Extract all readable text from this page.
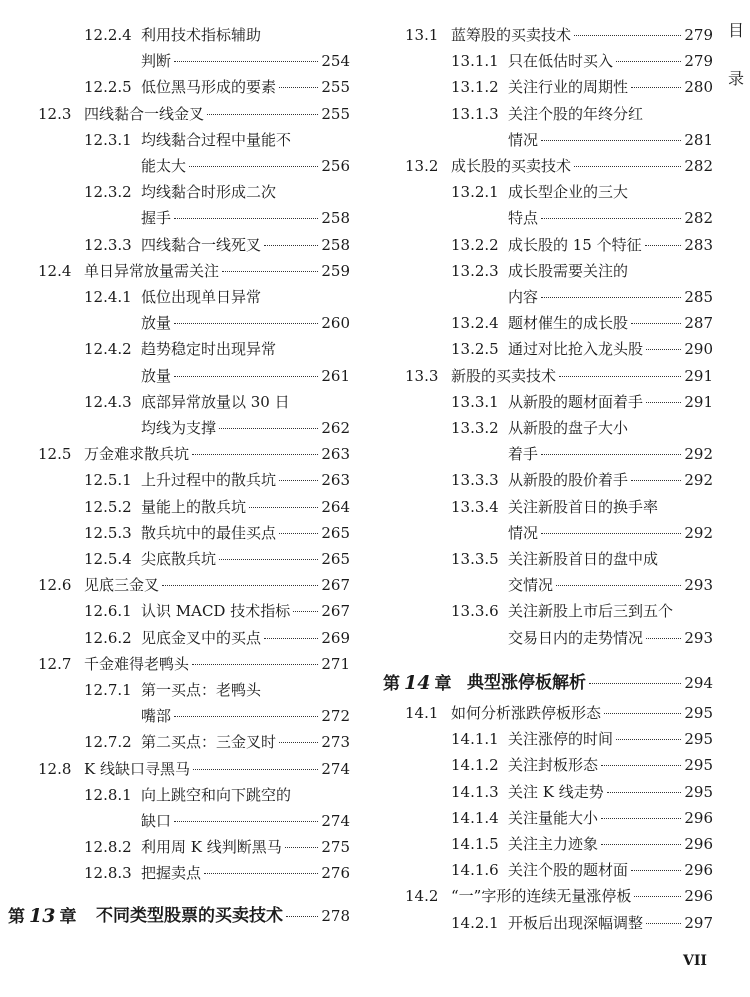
目
录
12.2.4 利用技术指标辅助
判断	254
12.2.5 低位黑马形成的要素	255
12.3 四线黏合一线金叉	255
12.3.1 均线黏合过程中量能不
能太大	256
12.3.2 均线黏合时形成二次
握手	258
12.3.3 四线黏合一线死叉	258
12.4 单日异常放量需关注	259
12.4.1 低位出现单日异常
放量	260
12.4.2 趋势稳定时出现异常
放量	261
12.4.3 底部异常放量以 30 日
均线为支撑	262
12.5 万金难求散兵坑	263
12.5.1 上升过程中的散兵坑	263
12.5.2 量能上的散兵坑	264
12.5.3 散兵坑中的最佳买点	265
12.5.4 尖底散兵坑	265
12.6 见底三金叉	267
12.6.1 认识 MACD 技术指标 267
12.6.2 见底金叉中的买点	269
12.7 千金难得老鸭头	271
12.7.1 第一买点：老鸭头
嘴部	272
12.7.2 第二买点：三金叉时	273
12.8 K 线缺口寻黑马	274
12.8.1 向上跳空和向下跳空的
缺口	274
12.8.2 利用周 K 线判断黑马	275
12.8.3 把握卖点	276
第 13 章 不同类型股票的买卖技术	278
13.1 蓝筹股的买卖技术	279
13.1.1 只在低估时买入	279
13.1.2 关注行业的周期性	280
13.1.3 关注个股的年终分红
情况	281
13.2 成长股的买卖技术	282
13.2.1 成长型企业的三大
特点	282
13.2.2 成长股的 15 个特征	283
13.2.3 成长股需要关注的
内容	285
13.2.4 题材催生的成长股	287
13.2.5 通过对比抢入龙头股	290
13.3 新股的买卖技术	291
13.3.1 从新股的题材面着手	291
13.3.2 从新股的盘子大小
着手	292
13.3.3 从新股的股价着手	292
13.3.4 关注新股首日的换手率
情况	292
13.3.5 关注新股首日的盘中成
交情况	293
13.3.6 关注新股上市后三到五个
交易日内的走势情况	293
第 14 章 典型涨停板解析	294
14.1 如何分析涨跌停板形态	295
14.1.1 关注涨停的时间	295
14.1.2 关注封板形态	295
14.1.3 关注 K 线走势	295
14.1.4 关注量能大小	296
14.1.5 关注主力迹象	296
14.1.6 关注个股的题材面	296
14.2 “一”字形的连续无量涨停板	296
14.2.1 开板后出现深幅调整	297
VII
